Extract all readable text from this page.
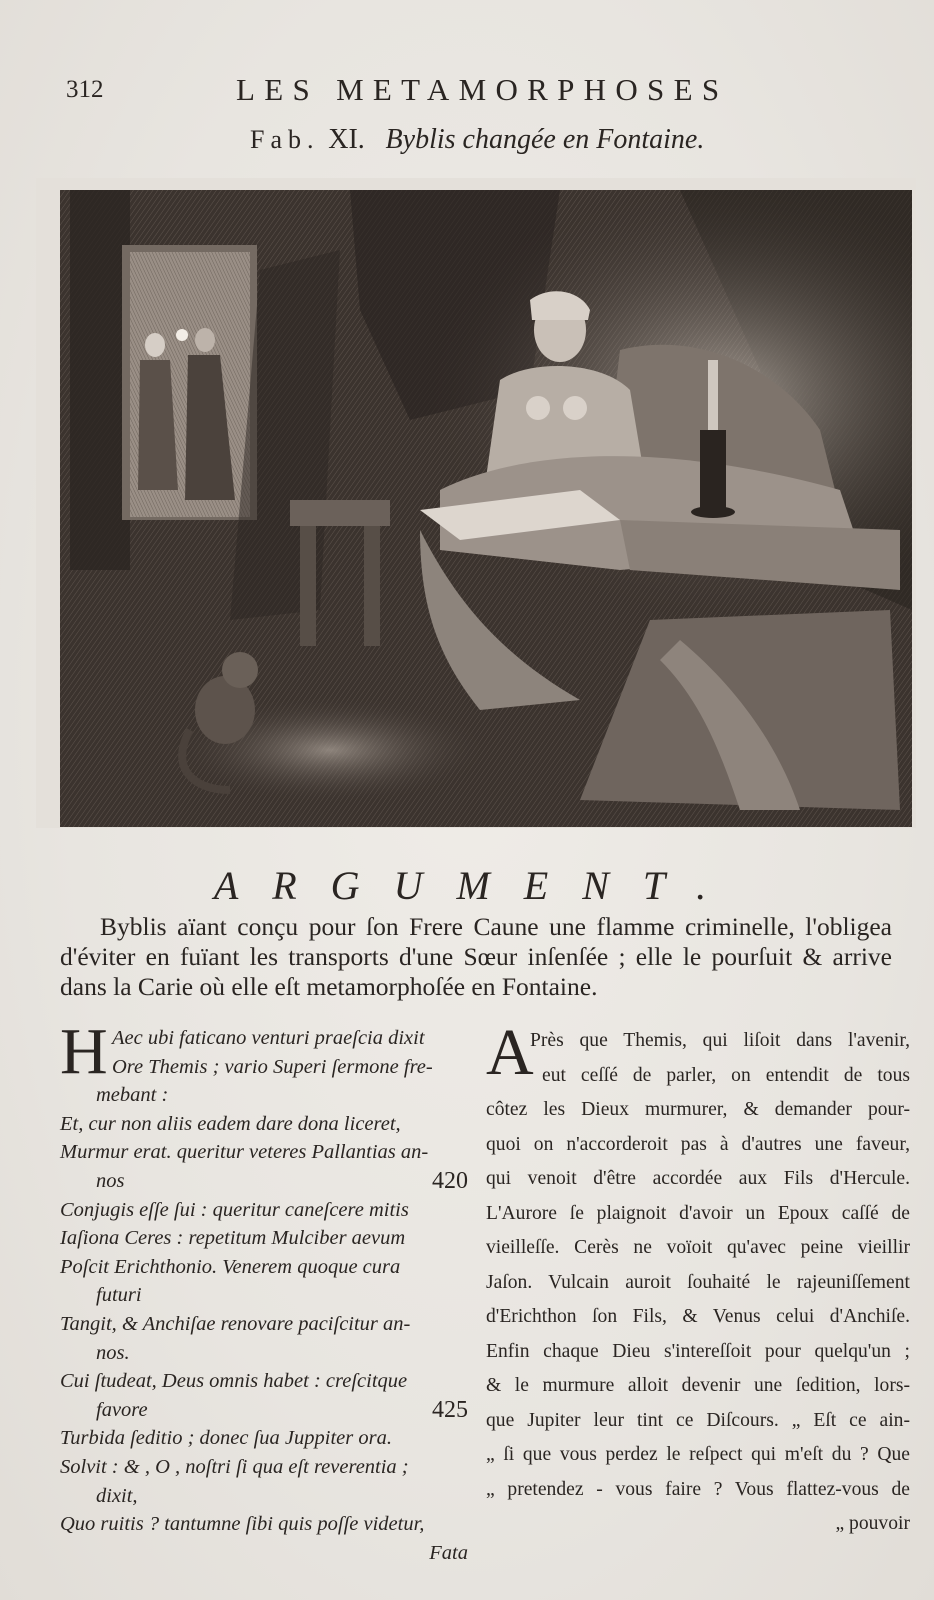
312	LES METAMORPHOSES
Fab. XI. Byblis changée en Fontaine.
ARGUMENT.

Byblis aïant conçu pour ſon Frere Caune une flamme criminelle, l'obligea d'éviter en fuïant les transports d'une Sœur inſenſée ; elle le pourſuit & arrive dans la Carie où elle eſt metamorphoſée en Fontaine.

H Aec ubi faticano venturi praeſcia dixit
Ore Themis ; vario Superi ſermone fre-
mebant :
Et, cur non aliis eadem dare dona liceret,
Murmur erat. queritur veteres Pallantias an-
nos	420
Conjugis eſſe ſui : queritur caneſcere mitis
Iaſiona Ceres : repetitum Mulciber aevum
Poſcit Erichthonio. Venerem quoque cura
futuri
Tangit, & Anchiſae renovare paciſcitur an-
nos.
Cui ſtudeat, Deus omnis habet : creſcitque
favore	425
Turbida ſeditio ; donec ſua Juppiter ora.
Solvit : & , O , noſtri ſi qua eſt reverentia ;
dixit,
Quo ruitis ? tantumne ſibi quis poſſe videtur,
Fata
A
Près que Themis, qui liſoit dans l'avenir,
eut ceſſé de parler, on entendit de tous
côtez les Dieux murmurer, & demander pour-
quoi on n'accorderoit pas à d'autres une faveur,
qui venoit d'être accordée aux Fils d'Hercule.
L'Aurore ſe plaignoit d'avoir un Epoux caſſé de
vieilleſſe. Cerès ne voïoit qu'avec peine vieillir
Jaſon. Vulcain auroit ſouhaité le rajeuniſſement
d'Erichthon ſon Fils, & Venus celui d'Anchiſe.
Enfin chaque Dieu s'intereſſoit pour quelqu'un ;
& le murmure alloit devenir une ſedition, lors-
que Jupiter leur tint ce Diſcours. „ Eſt ce ain-
„ ſi que vous perdez le reſpect qui m'eſt du ? Que
„ pretendez - vous faire ? Vous flattez-vous de
„ pouvoir
